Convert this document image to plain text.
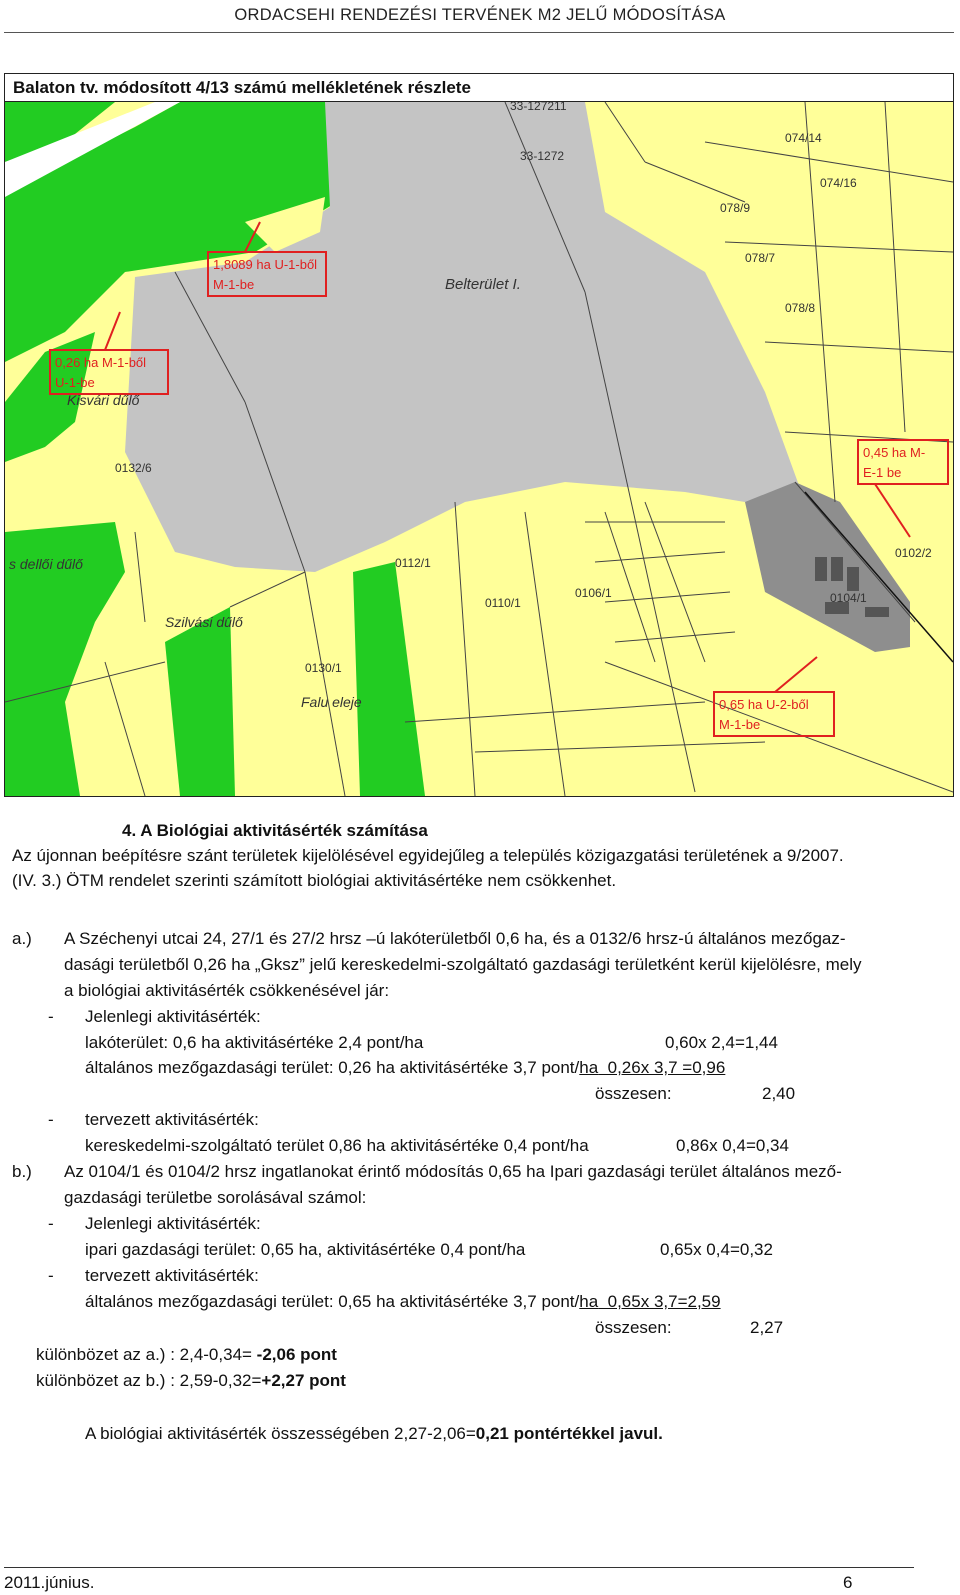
ORDACSEHI RENDEZÉSI TERVÉNEK M2 JELŰ MÓDOSÍTÁSA
Balaton tv. módosított 4/13 számú mellékletének részlete
33-127211
33-1272
0112/1
0130/1
0110/1
0132/6
0104/1
0106/1
0102/2
078/9
078/7
078/8
074/14
074/16
Belterület I.
Kisvári dűlő
Szilvási dűlő
Falu eleje
s dellői dűlő
1,8089 ha U-1-ből
M-1-be
0,26 ha M-1-ből
U-1-be
0,45 ha M-
E-1 be
0,65 ha U-2-ből
M-1-be
4. A Biológiai aktivitásérték számítása
Az újonnan beépítésre szánt területek kijelölésével egyidejűleg a település közigazgatási területének a 9/2007.
(IV. 3.) ÖTM rendelet szerinti számított biológiai aktivitásértéke nem csökkenhet.
a.) A Széchenyi utcai 24, 27/1 és 27/2 hrsz –ú lakóterületből 0,6 ha, és a 0132/6 hrsz-ú általános mezőgaz-
dasági területből 0,26 ha „Gksz” jelű kereskedelmi-szolgáltató gazdasági területként kerül kijelölésre, mely
a biológiai aktivitásérték csökkenésével jár:
- Jelenlegi aktivitásérték:
lakóterület: 0,6 ha aktivitásértéke 2,4 pont/ha	0,60x 2,4=1,44
általános mezőgazdasági terület: 0,26 ha aktivitásértéke 3,7 pont/ha  0,26x 3,7 =0,96
összesen:	2,40
- tervezett aktivitásérték:
kereskedelmi-szolgáltató terület 0,86 ha aktivitásértéke 0,4 pont/ha	0,86x 0,4=0,34
b.) Az 0104/1 és 0104/2 hrsz ingatlanokat érintő módosítás 0,65 ha Ipari gazdasági terület általános mező-
gazdasági területbe sorolásával számol:
- Jelenlegi aktivitásérték:
ipari gazdasági terület: 0,65 ha, aktivitásértéke 0,4 pont/ha	0,65x 0,4=0,32
- tervezett aktivitásérték:
általános mezőgazdasági terület: 0,65 ha aktivitásértéke 3,7 pont/ha  0,65x 3,7=2,59
összesen:	2,27
különbözet az a.) : 2,4-0,34= -2,06 pont
különbözet az b.) : 2,59-0,32=+2,27 pont
A biológiai aktivitásérték összességében 2,27-2,06=0,21 pontértékkel javul.
2011.június.	6
